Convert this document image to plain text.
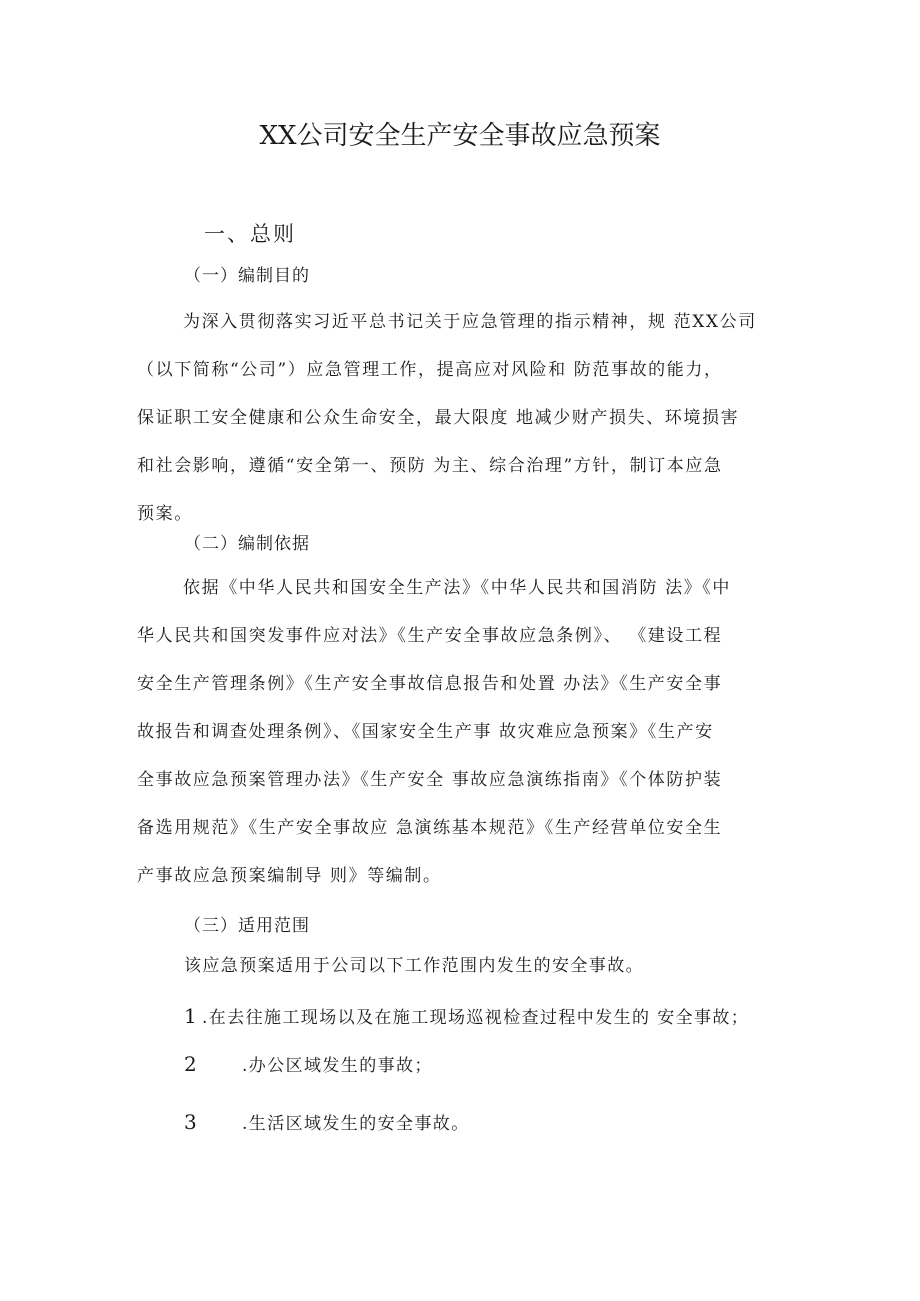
XX公司安全生产安全事故应急预案
一、总则
（一）编制目的
为深入贯彻落实习近平总书记关于应急管理的指示精神，规 范XX公司
（以下简称“公司”）应急管理工作，提高应对风险和 防范事故的能力，
保证职工安全健康和公众生命安全，最大限度 地减少财产损失、环境损害
和社会影响，遵循“安全第一、预防 为主、综合治理”方针，制订本应急
预案。
（二）编制依据
依据《中华人民共和国安全生产法》《中华人民共和国消防 法》《中
华人民共和国突发事件应对法》《生产安全事故应急条例》、 《建设工程
安全生产管理条例》《生产安全事故信息报告和处置 办法》《生产安全事
故报告和调查处理条例》、《国家安全生产事 故灾难应急预案》《生产安
全事故应急预案管理办法》《生产安全 事故应急演练指南》《个体防护装
备选用规范》《生产安全事故应 急演练基本规范》《生产经营单位安全生
产事故应急预案编制导 则》等编制。
（三）适用范围
该应急预案适用于公司以下工作范围内发生的安全事故。
1 .在去往施工现场以及在施工现场巡视检查过程中发生的 安全事故；
2	.办公区域发生的事故；
3	.生活区域发生的安全事故。
